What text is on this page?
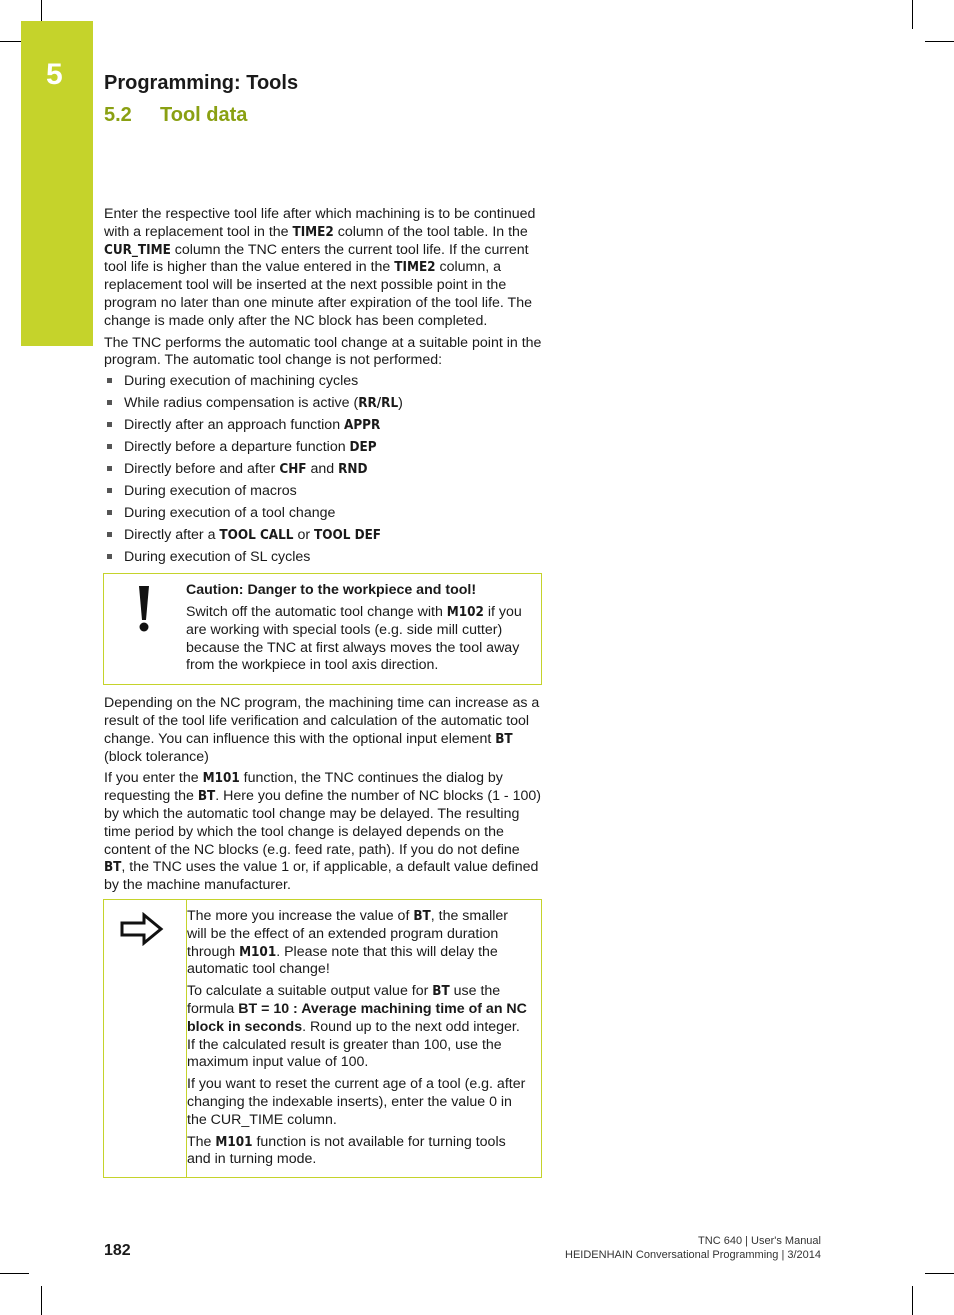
5	Programming: Tools
5.2 Tool data

Enter the respective tool life after which machining is to be continued with a replacement tool in the TIME2 column of the tool table. In the CUR_TIME column the TNC enters the current tool life. If the current tool life is higher than the value entered in the TIME2 column, a replacement tool will be inserted at the next possible point in the program no later than one minute after expiration of the tool life. The change is made only after the NC block has been completed.

The TNC performs the automatic tool change at a suitable point in the program. The automatic tool change is not performed:

During execution of machining cycles
While radius compensation is active (RR/RL)
Directly after an approach function APPR
Directly before a departure function DEP
Directly before and after CHF and RND
During execution of macros
During execution of a tool change
Directly after a TOOL CALL or TOOL DEF
During execution of SL cycles

Caution: Danger to the workpiece and tool!

Switch off the automatic tool change with M102 if you are working with special tools (e.g. side mill cutter) because the TNC at first always moves the tool away from the workpiece in tool axis direction.

Depending on the NC program, the machining time can increase as a result of the tool life verification and calculation of the automatic tool change. You can influence this with the optional input element BT (block tolerance)

If you enter the M101 function, the TNC continues the dialog by requesting the BT. Here you define the number of NC blocks (1 - 100) by which the automatic tool change may be delayed. The resulting time period by which the tool change is delayed depends on the content of the NC blocks (e.g. feed rate, path). If you do not define BT, the TNC uses the value 1 or, if applicable, a default value defined by the machine manufacturer.

The more you increase the value of BT, the smaller will be the effect of an extended program duration through M101. Please note that this will delay the automatic tool change!

To calculate a suitable output value for BT use the formula BT = 10 : Average machining time of an NC block in seconds. Round up to the next odd integer. If the calculated result is greater than 100, use the maximum input value of 100.

If you want to reset the current age of a tool (e.g. after changing the indexable inserts), enter the value 0 in the CUR_TIME column.

The M101 function is not available for turning tools and in turning mode.

182
TNC 640 | User's Manual
HEIDENHAIN Conversational Programming | 3/2014
